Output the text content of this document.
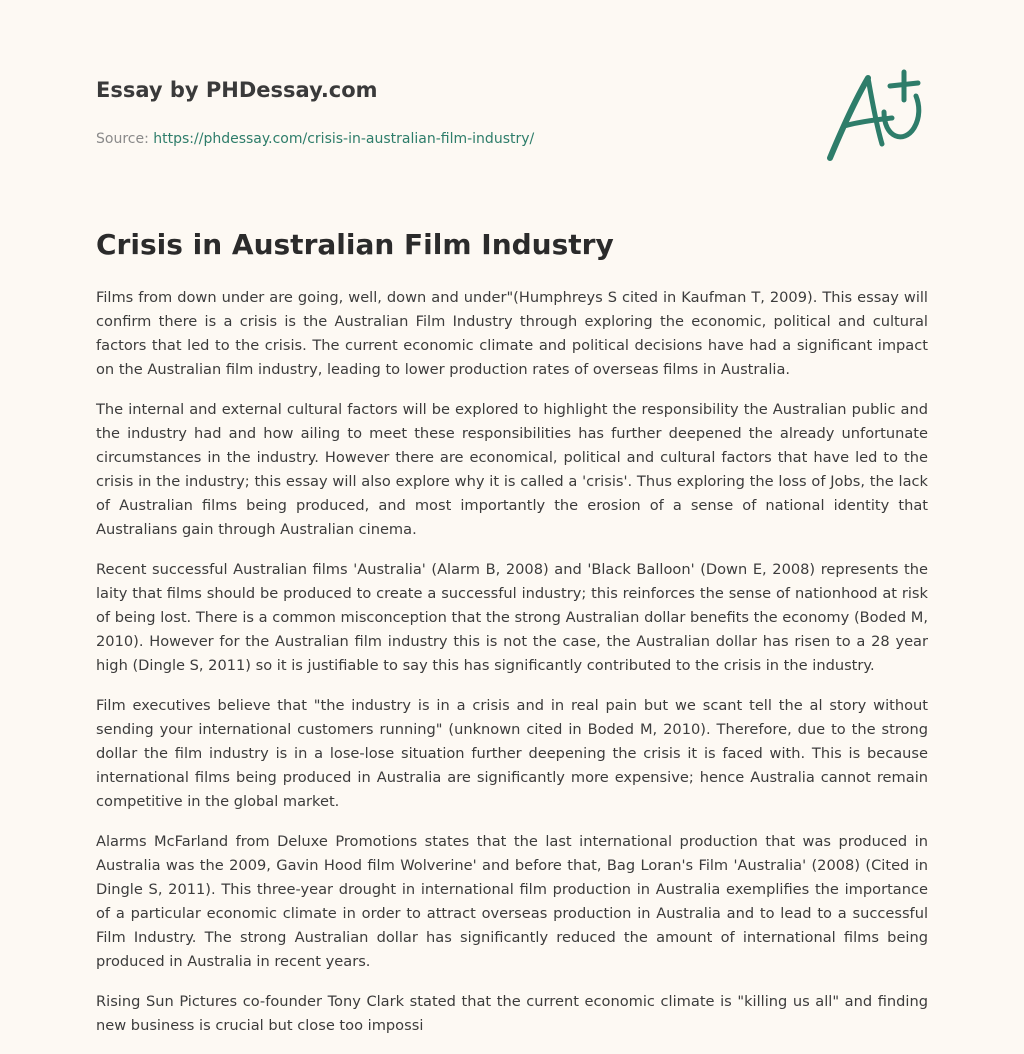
Essay by PHDessay.com
Source: https://phdessay.com/crisis-in-australian-film-industry/
Crisis in Australian Film Industry

Films from down under are going, well, down and under"(Humphreys S cited in Kaufman T, 2009). This essay will confirm there is a crisis is the Australian Film Industry through exploring the economic, political and cultural factors that led to the crisis. The current economic climate and political decisions have had a significant impact on the Australian film industry, leading to lower production rates of overseas films in Australia.

The internal and external cultural factors will be explored to highlight the responsibility the Australian public and the industry had and how ailing to meet these responsibilities has further deepened the already unfortunate circumstances in the industry. However there are economical, political and cultural factors that have led to the crisis in the industry; this essay will also explore why it is called a 'crisis'. Thus exploring the loss of Jobs, the lack of Australian films being produced, and most importantly the erosion of a sense of national identity that Australians gain through Australian cinema.

Recent successful Australian films 'Australia' (Alarm B, 2008) and 'Black Balloon' (Down E, 2008) represents the laity that films should be produced to create a successful industry; this reinforces the sense of nationhood at risk of being lost. There is a common misconception that the strong Australian dollar benefits the economy (Boded M, 2010). However for the Australian film industry this is not the case, the Australian dollar has risen to a 28 year high (Dingle S, 2011) so it is justifiable to say this has significantly contributed to the crisis in the industry.

Film executives believe that "the industry is in a crisis and in real pain but we scant tell the al story without sending your international customers running" (unknown cited in Boded M, 2010). Therefore, due to the strong dollar the film industry is in a lose-lose situation further deepening the crisis it is faced with. This is because international films being produced in Australia are significantly more expensive; hence Australia cannot remain competitive in the global market.

Alarms McFarland from Deluxe Promotions states that the last international production that was produced in Australia was the 2009, Gavin Hood film Wolverine' and before that, Bag Loran's Film 'Australia' (2008) (Cited in Dingle S, 2011). This three-year drought in international film production in Australia exemplifies the importance of a particular economic climate in order to attract overseas production in Australia and to lead to a successful Film Industry. The strong Australian dollar has significantly reduced the amount of international films being produced in Australia in recent years.

Rising Sun Pictures co-founder Tony Clark stated that the current economic climate is "killing us all" and finding new business is crucial but close too impossi
